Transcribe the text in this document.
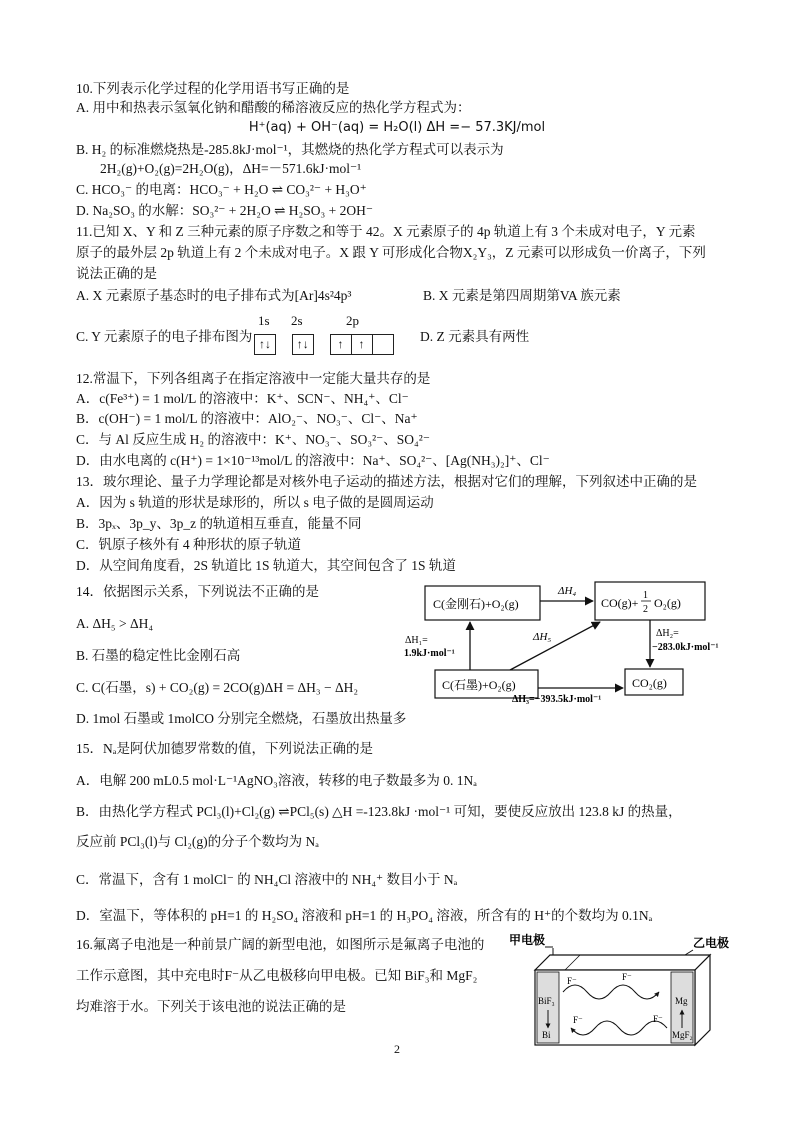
10.下列表示化学过程的化学用语书写正确的是
A. 用中和热表示氢氧化钠和醋酸的稀溶液反应的热化学方程式为：
H⁺(aq) + OH⁻(aq) = H₂O(l) ΔH =− 57.3KJ/mol
B. H₂ 的标准燃烧热是-285.8kJ·mol⁻¹，其燃烧的热化学方程式可以表示为
2H₂(g)+O₂(g)=2H₂O(g)，ΔH=－571.6kJ·mol⁻¹
C. HCO₃⁻ 的电离：HCO₃⁻ + H₂O ⇌ CO₃²⁻ + H₃O⁺
D. Na₂SO₃ 的水解：SO₃²⁻ + 2H₂O ⇌ H₂SO₃ + 2OH⁻
11.已知 X、Y 和 Z 三种元素的原子序数之和等于 42。X 元素原子的 4p 轨道上有 3 个未成对电子，Y 元素
原子的最外层 2p 轨道上有 2 个未成对电子。X 跟 Y 可形成化合物X₂Y₃，Z 元素可以形成负一价离子，下列
说法正确的是
A. X 元素原子基态时的电子排布式为[Ar]4s²4p³	B. X 元素是第四周期第VA 族元素
C. Y 元素原子的电子排布图为
1s 2s	2p
↑↓ ↑↓ ↑ ↑	D. Z 元素具有两性
12.常温下，下列各组离子在指定溶液中一定能大量共存的是
A．c(Fe³⁺) = 1 mol/L 的溶液中：K⁺、SCN⁻、NH₄⁺、Cl⁻
B．c(OH⁻) = 1 mol/L 的溶液中：AlO₂⁻、NO₃⁻、Cl⁻、Na⁺
C．与 Al 反应生成 H₂ 的溶液中：K⁺、NO₃⁻、SO₃²⁻、SO₄²⁻
D．由水电离的 c(H⁺) = 1×10⁻¹³mol/L 的溶液中：Na⁺、SO₄²⁻、[Ag(NH₃)₂]⁺、Cl⁻
13．玻尔理论、量子力学理论都是对核外电子运动的描述方法，根据对它们的理解，下列叙述中正确的是
A．因为 s 轨道的形状是球形的，所以 s 电子做的是圆周运动
B．3pₓ、3p_y、3p_z 的轨道相互垂直，能量不同
C．钒原子核外有 4 种形状的原子轨道
D．从空间角度看，2S 轨道比 1S 轨道大，其空间包含了 1S 轨道
14．依据图示关系，下列说法不正确的是
A. ΔH₅ > ΔH₄
B. 石墨的稳定性比金刚石高
C. C(石墨，s) + CO₂(g) = 2CO(g)ΔH = ΔH₃ − ΔH₂
D. 1mol 石墨或 1molCO 分别完全燃烧，石墨放出热量多
C(金刚石)+O₂(g)	CO(g)+
1
2 O₂(g)
C(石墨)+O₂(g)	CO₂(g)
ΔH₄
ΔH₁=
1.9kJ·mol⁻¹
ΔH₅	ΔH₂=
−283.0kJ·mol⁻¹
ΔH₃=−393.5kJ·mol⁻¹
15．Nₐ是阿伏加德罗常数的值，下列说法正确的是
A．电解 200 mL0.5 mol·L⁻¹AgNO₃溶液，转移的电子数最多为 0. 1Nₐ
B．由热化学方程式 PCl₃(l)+Cl₂(g) ⇌PCl₅(s) △H =-123.8kJ ·mol⁻¹ 可知，要使反应放出 123.8 kJ 的热量，
反应前 PCl₃(l)与 Cl₂(g)的分子个数均为 Nₐ
C．常温下，含有 1 molCl⁻ 的 NH₄Cl 溶液中的 NH₄⁺ 数目小于 Nₐ
D．室温下，等体积的 pH=1 的 H₂SO₄ 溶液和 pH=1 的 H₃PO₄ 溶液，所含有的 H⁺的个数均为 0.1Nₐ
16.氟离子电池是一种前景广阔的新型电池，如图所示是氟离子电池的
工作示意图，其中充电时F⁻从乙电极移向甲电极。已知 BiF₃和 MgF₂
均难溶于水。下列关于该电池的说法正确的是
甲电极	乙电极
BiF₃
Bi
Mg
MgF₂
F⁻	F⁻
F⁻	F⁻
2
